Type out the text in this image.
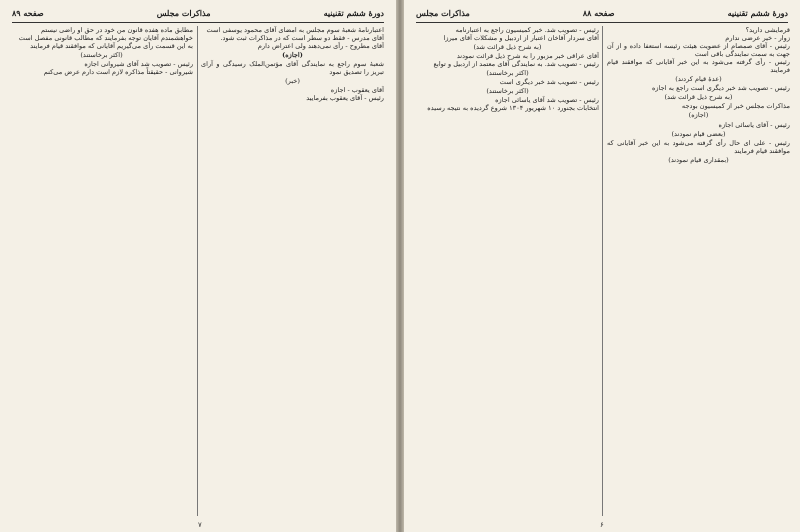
دورهٔ ششم تقنینیه
مذاکرات مجلس
صفحه ۸۹

اعتبارنامهٔ شعبهٔ سوم مجلس به امضای آقای محمود یوسفی است

آقای مدرس - فقط دو سطر است که در مذاکرات ثبت شود.

آقای مطروح - رأی نمی‌دهند ولی اعتراض دارم

(اجازه)

شعبهٔ سوم راجع به نمایندگی آقای مؤتمن‌الملک رسیدگی و آرای تبریز را تصدیق نمود

(خبر)

آقای یعقوب - اجازه

رئیس - آقای یعقوب بفرمایید

مطابق ماده هفده قانون من خود در حق او راضی نیستم

خواهشمندم آقایان توجه بفرمایند که مطالب قانونی مفصل است

به این قسمت رأی می‌گیریم آقایانی که موافقند قیام فرمایند

(اکثر برخاستند)

رئیس - تصویب شد آقای شیروانی اجازه

شیروانی - حقیقتاً مذاکره لازم است دارم عرض می‌کنم

۷
دورهٔ ششم تقنینیه
صفحه ۸۸
مذاکرات مجلس

قرمایشی دارید؟

زوار - خیر عرضی ندارم

رئیس - آقای صمصام از عضویت هیئت رئیسه استعفا داده و از آن جهت به سمت نمایندگی باقی است

رئیس - رأی گرفته می‌شود به این خبر آقایانی که موافقند قیام فرمایند

(عدهٔ قیام کردند)

رئیس - تصویب شد خبر دیگری است راجع به اجازه

(به شرح ذیل قرائت شد)

مذاکرات مجلس خبر از کمیسیون بودجه

(اجازه)

رئیس - آقای یاسائی اجازه

(بعضی قیام نمودند)

رئیس - علی ای حال رأی گرفته می‌شود به این خبر آقایانی که موافقند قیام فرمایند

(بمقداری قیام نمودند)

رئیس - تصویب شد. خبر کمیسیون راجع به اعتبارنامه

آقای سردار آقاخان اعتبار از اردبیل و مشکلات آقای میرزا

(به شرح ذیل قرائت شد)

آقای عراقی خبر مزبور را به شرح ذیل قرائت نمودند

رئیس - تصویب شد. به نمایندگی آقای معتمد از اردبیل و توابع

(اکثر برخاستند)

رئیس - تصویب شد خبر دیگری است

(اکثر برخاستند)

رئیس - تصویب شد آقای یاسائی اجازه

انتخابات بجنورد ۱۰ شهریور ۱۳۰۴ شروع گردیده به نتیجه رسیده

۶
